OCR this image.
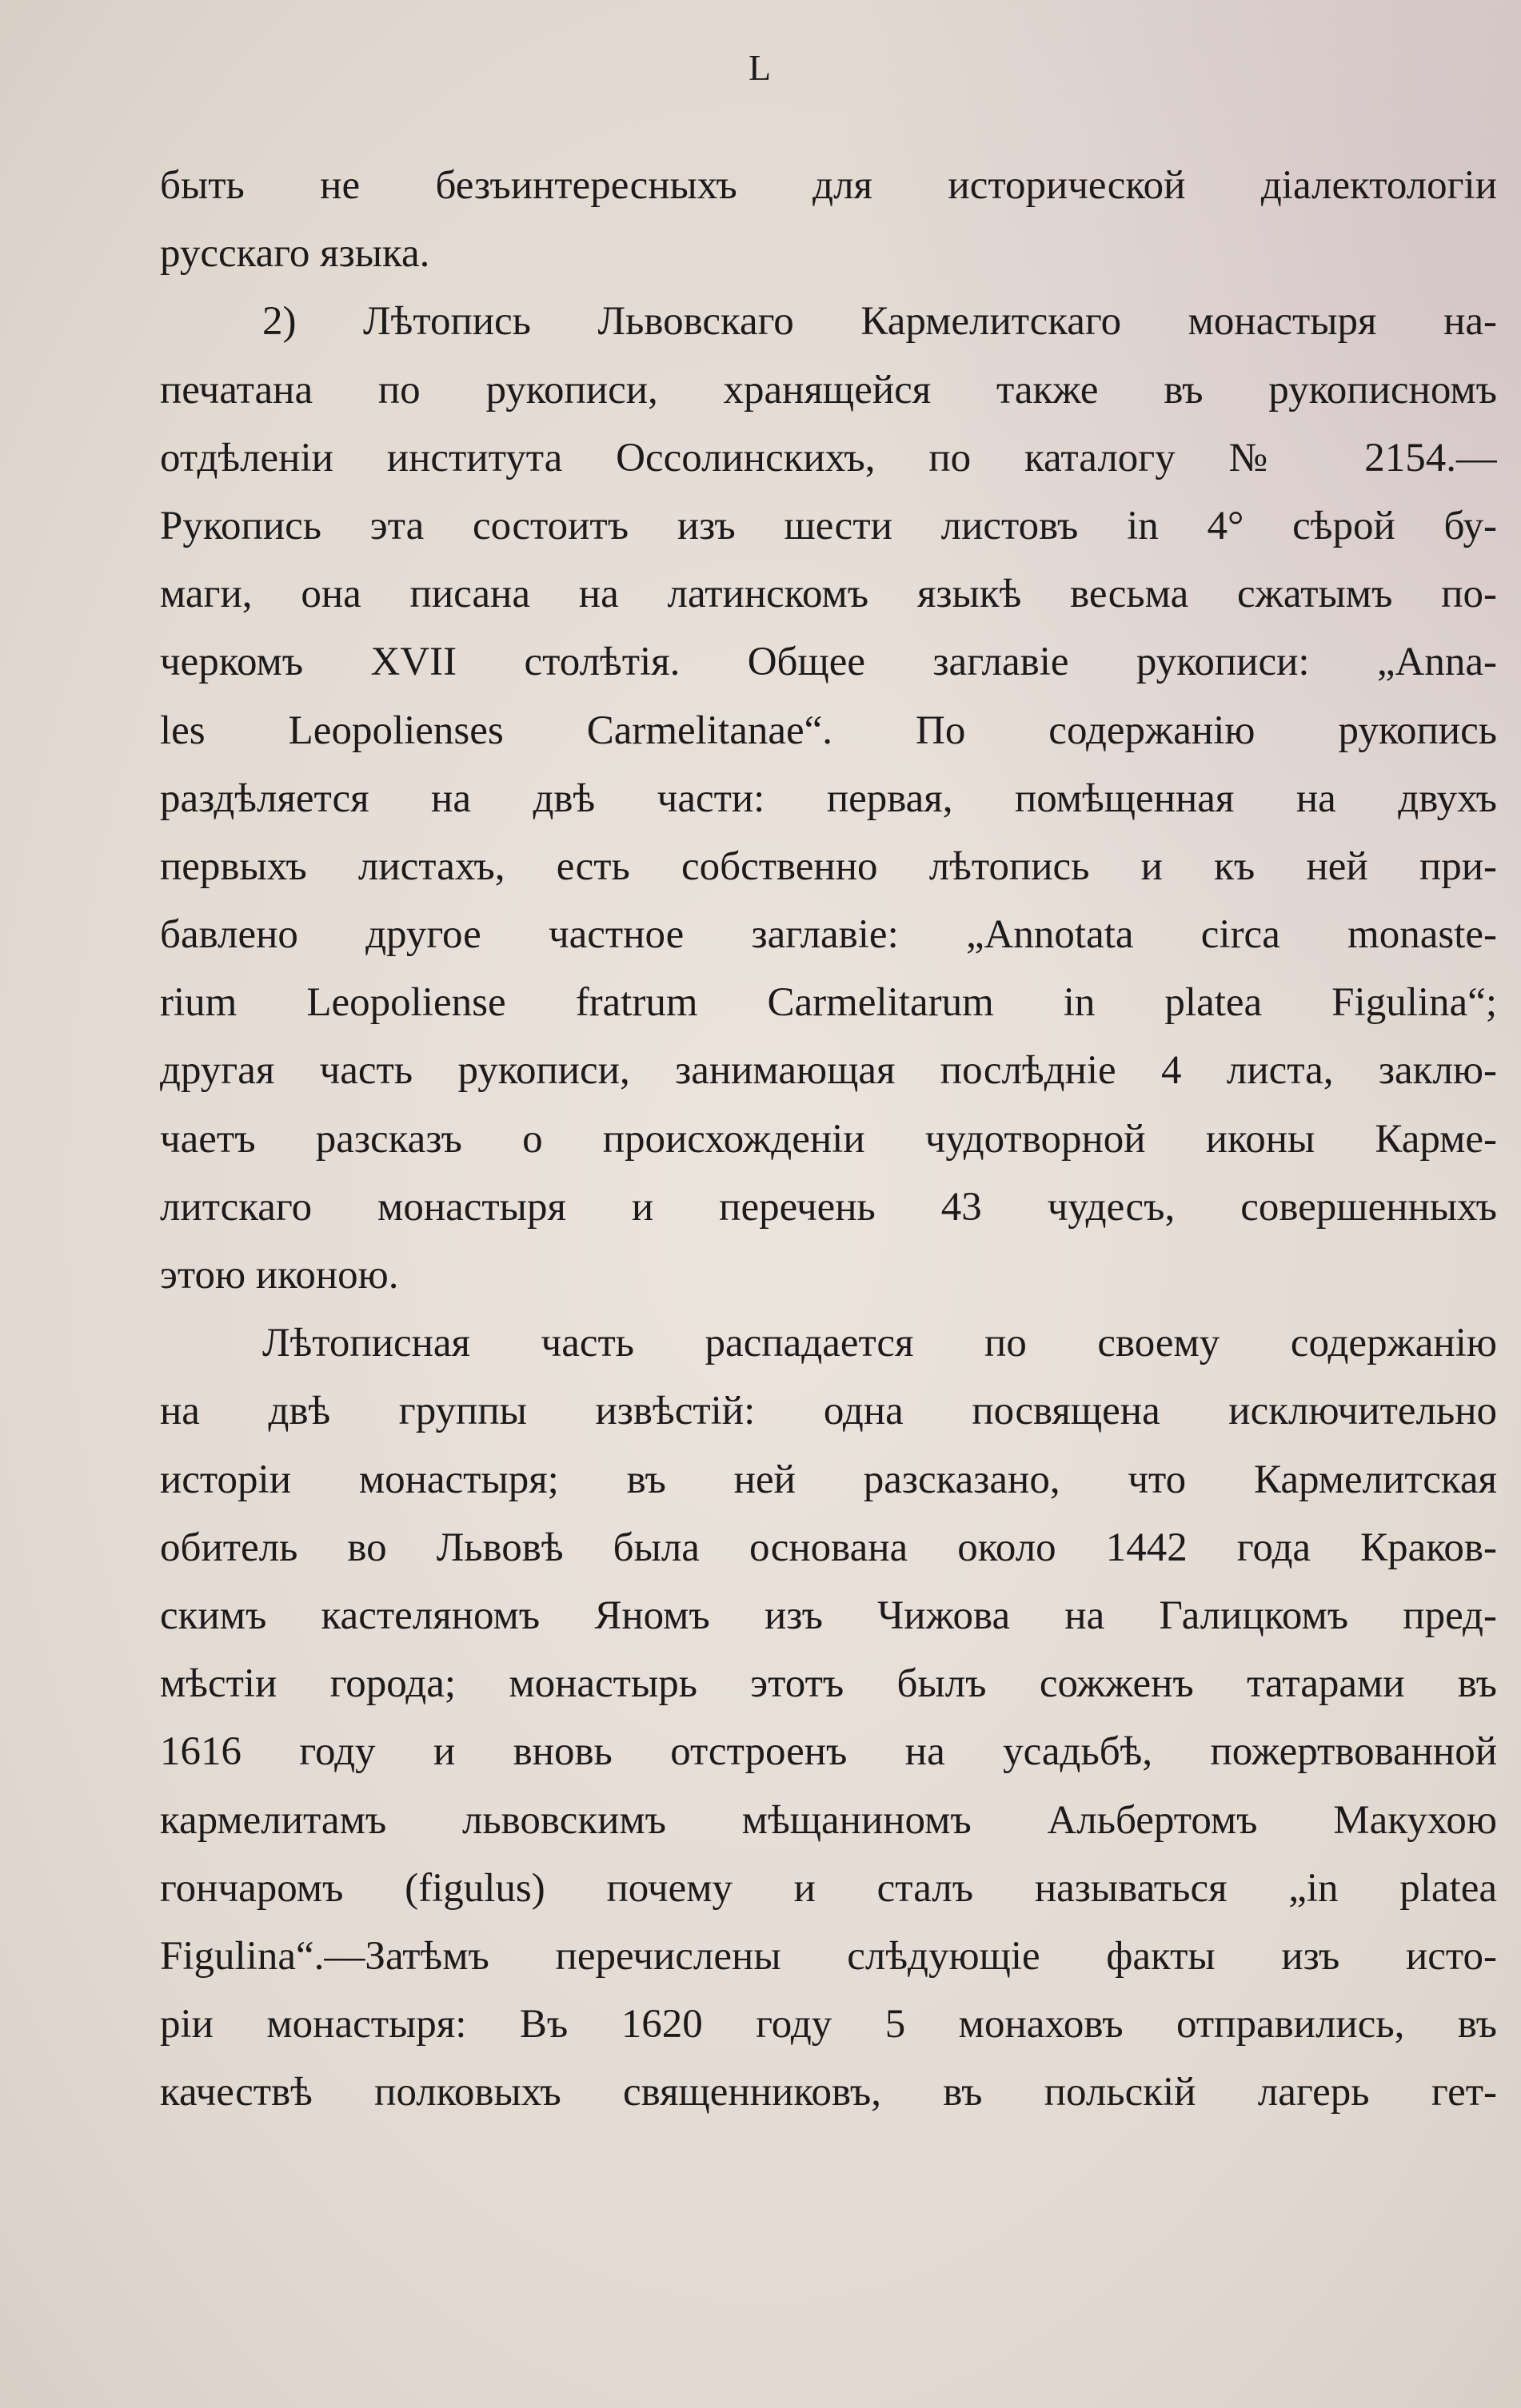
L
быть не безъинтересныхъ для исторической діалектологіи
русскаго языка.
2) Лѣтопись Львовскаго Кармелитскаго монастыря на-
печатана по рукописи, хранящейся также въ рукописномъ
отдѣленіи института Оссолинскихъ, по каталогу № 2154.—
Рукопись эта состоитъ изъ шести листовъ in 4° сѣрой бу-
маги, она писана на латинскомъ языкѣ весьма сжатымъ по-
черкомъ XVII столѣтія. Общее заглавіе рукописи: „Anna-
les Leopolienses Carmelitanae“. По содержанію рукопись
раздѣляется на двѣ части: первая, помѣщенная на двухъ
первыхъ листахъ, есть собственно лѣтопись и къ ней при-
бавлено другое частное заглавіе: „Annotata circa monaste-
rium Leopoliense fratrum Carmelitarum in platea Figulina“;
другая часть рукописи, занимающая послѣдніе 4 листа, заклю-
чаетъ разсказъ о происхожденіи чудотворной иконы Карме-
литскаго монастыря и перечень 43 чудесъ, совершенныхъ
этою иконою.
Лѣтописная часть распадается по своему содержанію
на двѣ группы извѣстій: одна посвящена исключительно
исторіи монастыря; въ ней разсказано, что Кармелитская
обитель во Львовѣ была основана около 1442 года Краков-
скимъ кастеляномъ Яномъ изъ Чижова на Галицкомъ пред-
мѣстіи города; монастырь этотъ былъ сожженъ татарами въ
1616 году и вновь отстроенъ на усадьбѣ, пожертвованной
кармелитамъ львовскимъ мѣщаниномъ Альбертомъ Макухою
гончаромъ (figulus) почему и сталъ называться „in platea
Figulina“.—Затѣмъ перечислены слѣдующіе факты изъ исто-
ріи монастыря: Въ 1620 году 5 монаховъ отправились, въ
качествѣ полковыхъ священниковъ, въ польскій лагерь гет-
